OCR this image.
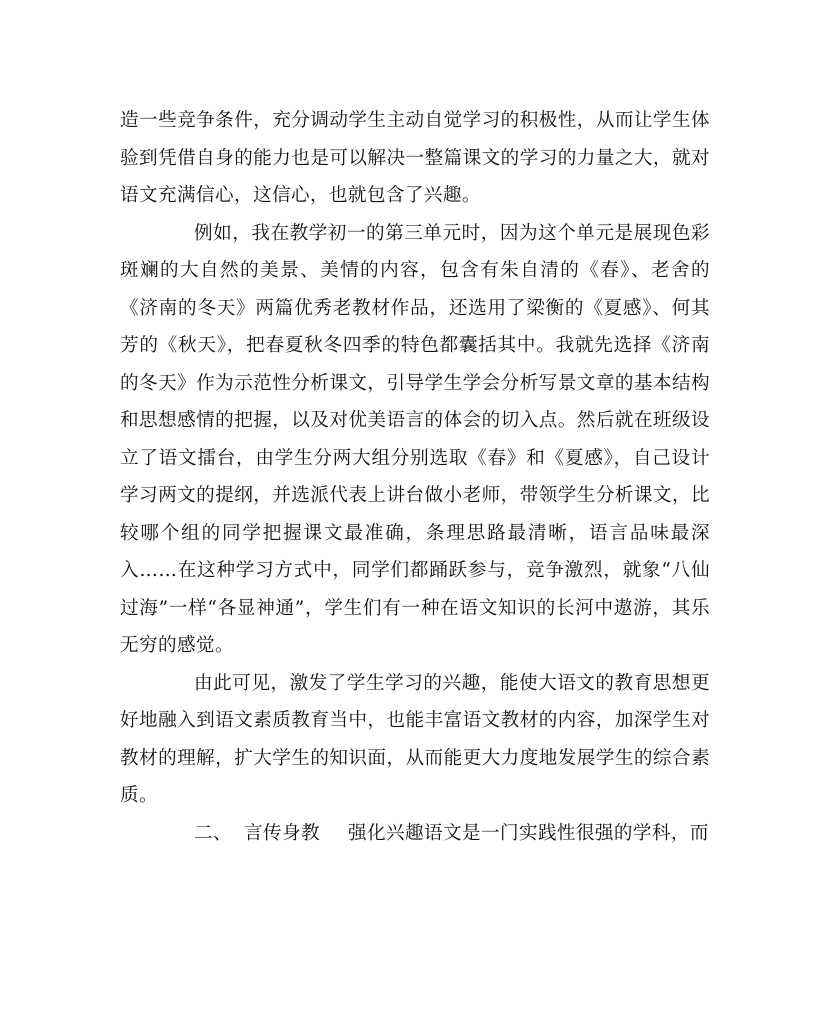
造一些竞争条件，充分调动学生主动自觉学习的积极性，从而让学生体验到凭借自身的能力也是可以解决一整篇课文的学习的力量之大，就对语文充满信心，这信心，也就包含了兴趣。

例如，我在教学初一的第三单元时，因为这个单元是展现色彩斑斓的大自然的美景、美情的内容，包含有朱自清的《春》、老舍的《济南的冬天》两篇优秀老教材作品，还选用了梁衡的《夏感》、何其芳的《秋天》，把春夏秋冬四季的特色都囊括其中。我就先选择《济南的冬天》作为示范性分析课文，引导学生学会分析写景文章的基本结构和思想感情的把握，以及对优美语言的体会的切入点。然后就在班级设立了语文擂台，由学生分两大组分别选取《春》和《夏感》，自己设计学习两文的提纲，并选派代表上讲台做小老师，带领学生分析课文，比较哪个组的同学把握课文最准确，条理思路最清晰，语言品味最深入……在这种学习方式中，同学们都踊跃参与，竞争激烈，就象“八仙过海”一样“各显神通”，学生们有一种在语文知识的长河中遨游，其乐无穷的感觉。

由此可见，激发了学生学习的兴趣，能使大语文的教育思想更好地融入到语文素质教育当中，也能丰富语文教材的内容，加深学生对教材的理解，扩大学生的知识面，从而能更大力度地发展学生的综合素质。

二、 言传身教 强化兴趣语文是一门实践性很强的学科，而
